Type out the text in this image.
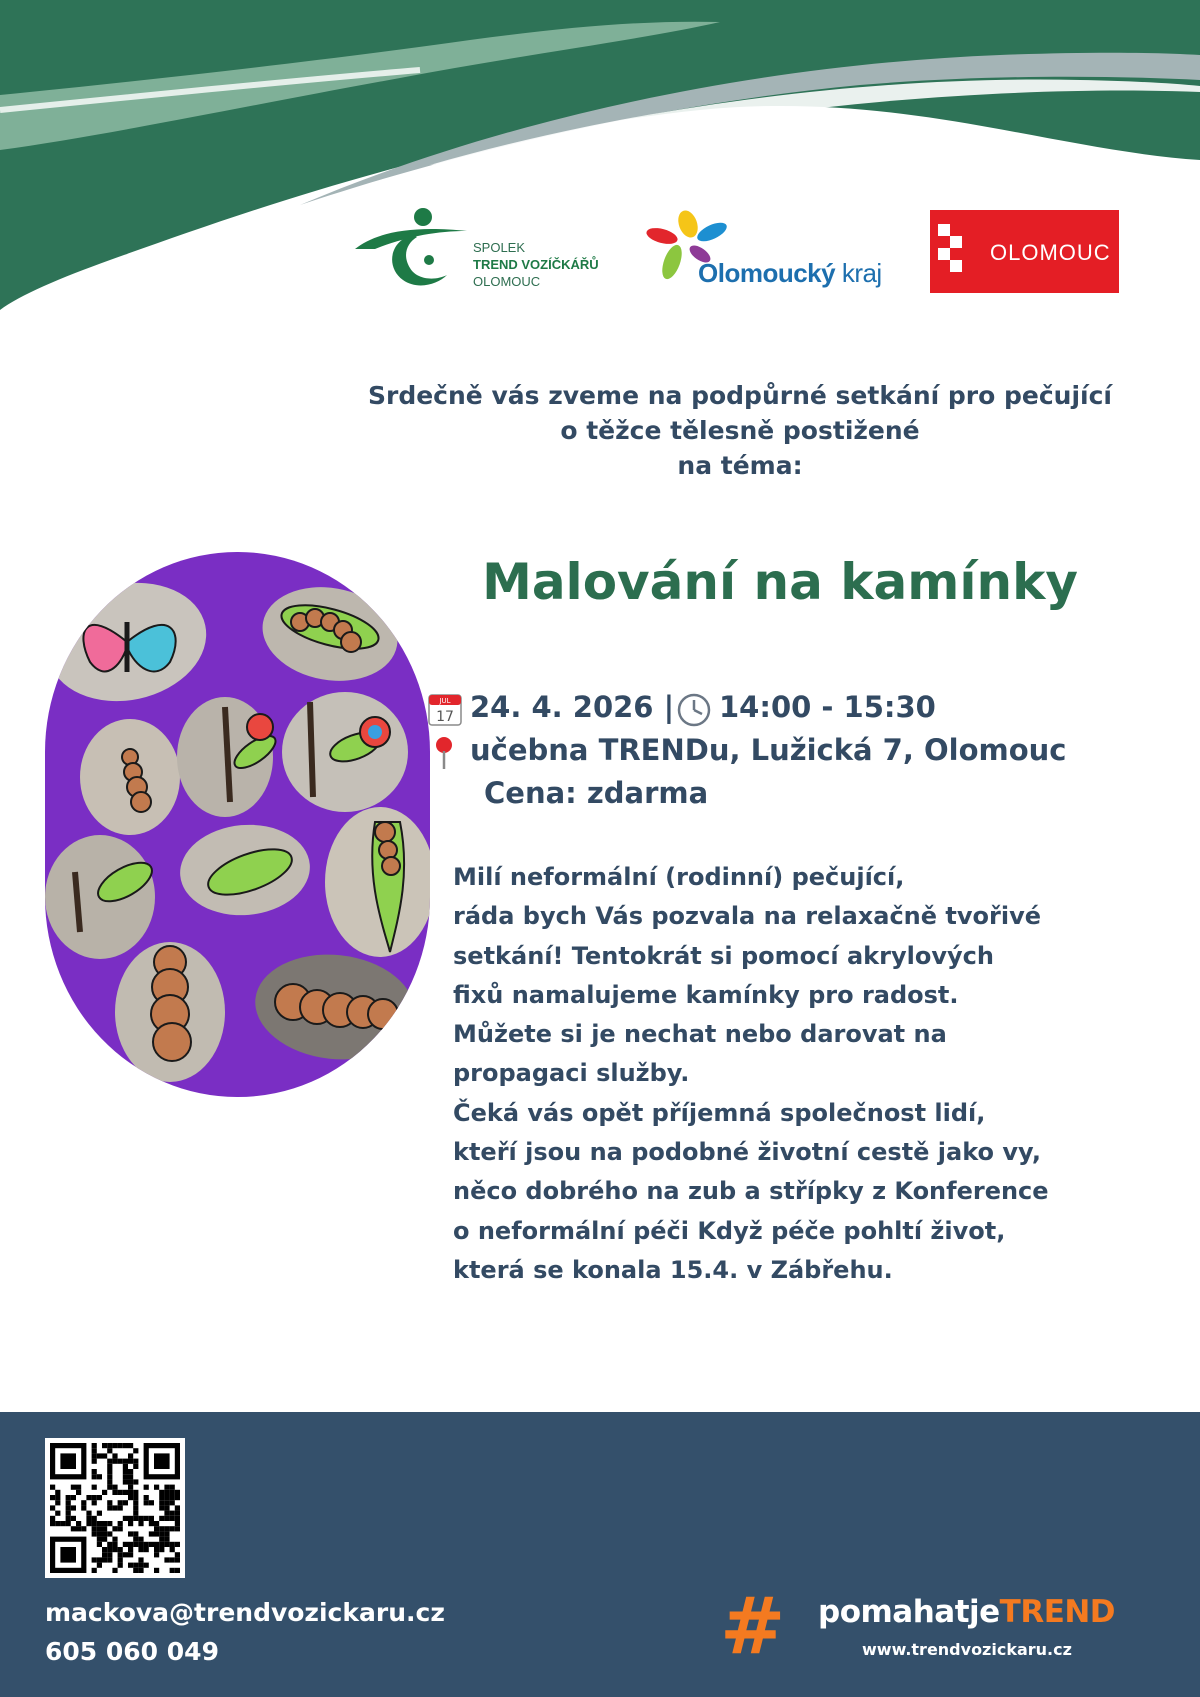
SPOLEK
TREND VOZÍČKÁŘŮ
OLOMOUC	Olomoucký kraj
OLOMOUC
Srdečně vás zveme na podpůrné setkání pro pečující
o těžce tělesně postižené
na téma:
Malování na kamínky
JUL
17 24. 4. 2026 | 14:00 - 15:30
učebna TRENDu, Lužická 7, Olomouc
Cena: zdarma
Milí neformální (rodinní) pečující,
ráda bych Vás pozvala na relaxačně tvořivé
setkání! Tentokrát si pomocí akrylových
fixů namalujeme kamínky pro radost.
Můžete si je nechat nebo darovat na
propagaci služby.
Čeká vás opět příjemná společnost lidí,
kteří jsou na podobné životní cestě jako vy,
něco dobrého na zub a střípky z Konference
o neformální péči Když péče pohltí život,
která se konala 15.4. v Zábřehu.
mackova@trendvozickaru.cz
605 060 049	# pomahatjeTREND
www.trendvozickaru.cz
